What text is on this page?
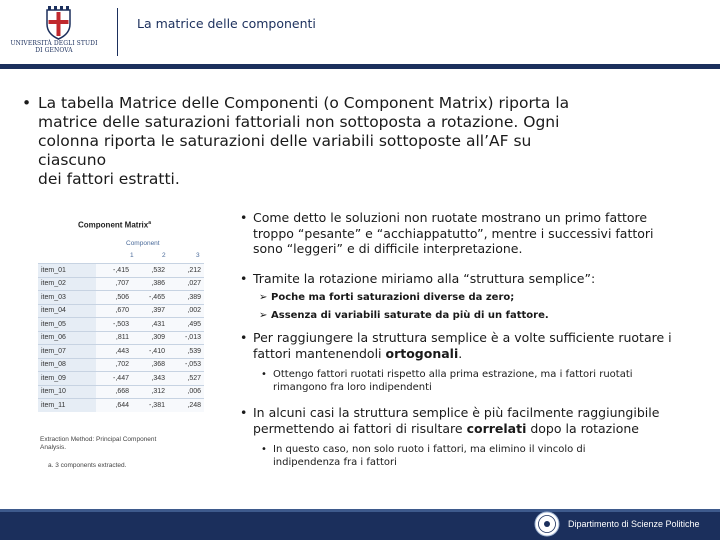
UNIVERSITÀ DEGLI STUDI
DI GENOVA
La matrice delle componenti
• La tabella Matrice delle Componenti (o Component Matrix) riporta la
matrice delle saturazioni fattoriali non sottoposta a rotazione. Ogni
colonna riporta le saturazioni delle variabili sottoposte all’AF su ciascuno
dei fattori estratti.
Component Matrix$^a$
Component
1	2	3
item_01	-,415	,532	,212
item_02	,707	,386	,027
item_03	,506	-,465	,389
item_04	,670	,397	,002
item_05	-,503	,431	,495
item_06	,811	,309	-,013
item_07	,443	-,410	,539
item_08	,702	,368	-,053
item_09	-,447	,343	,527
item_10	,668	,312	,006
item_11	,644	-,381	,248
Extraction Method: Principal Component
Analysis.
a. 3 components extracted.
• Come detto le soluzioni non ruotate mostrano un primo fattore
troppo “pesante” e “acchiappatutto”, mentre i successivi fattori
sono “leggeri” e di difficile interpretazione.
• Tramite la rotazione miriamo alla “struttura semplice”:
➢ Poche ma forti saturazioni diverse da zero;
➢ Assenza di variabili saturate da più di un fattore.
• Per raggiungere la struttura semplice è a volte sufficiente ruotare i
fattori mantenendoli ortogonali.
• Ottengo fattori ruotati rispetto alla prima estrazione, ma i fattori ruotati
rimangono fra loro indipendenti
• In alcuni casi la struttura semplice è più facilmente raggiungibile
permettendo ai fattori di risultare correlati dopo la rotazione
• In questo caso, non solo ruoto i fattori, ma elimino il vincolo di
indipendenza fra i fattori
Dipartimento di Scienze Politiche
